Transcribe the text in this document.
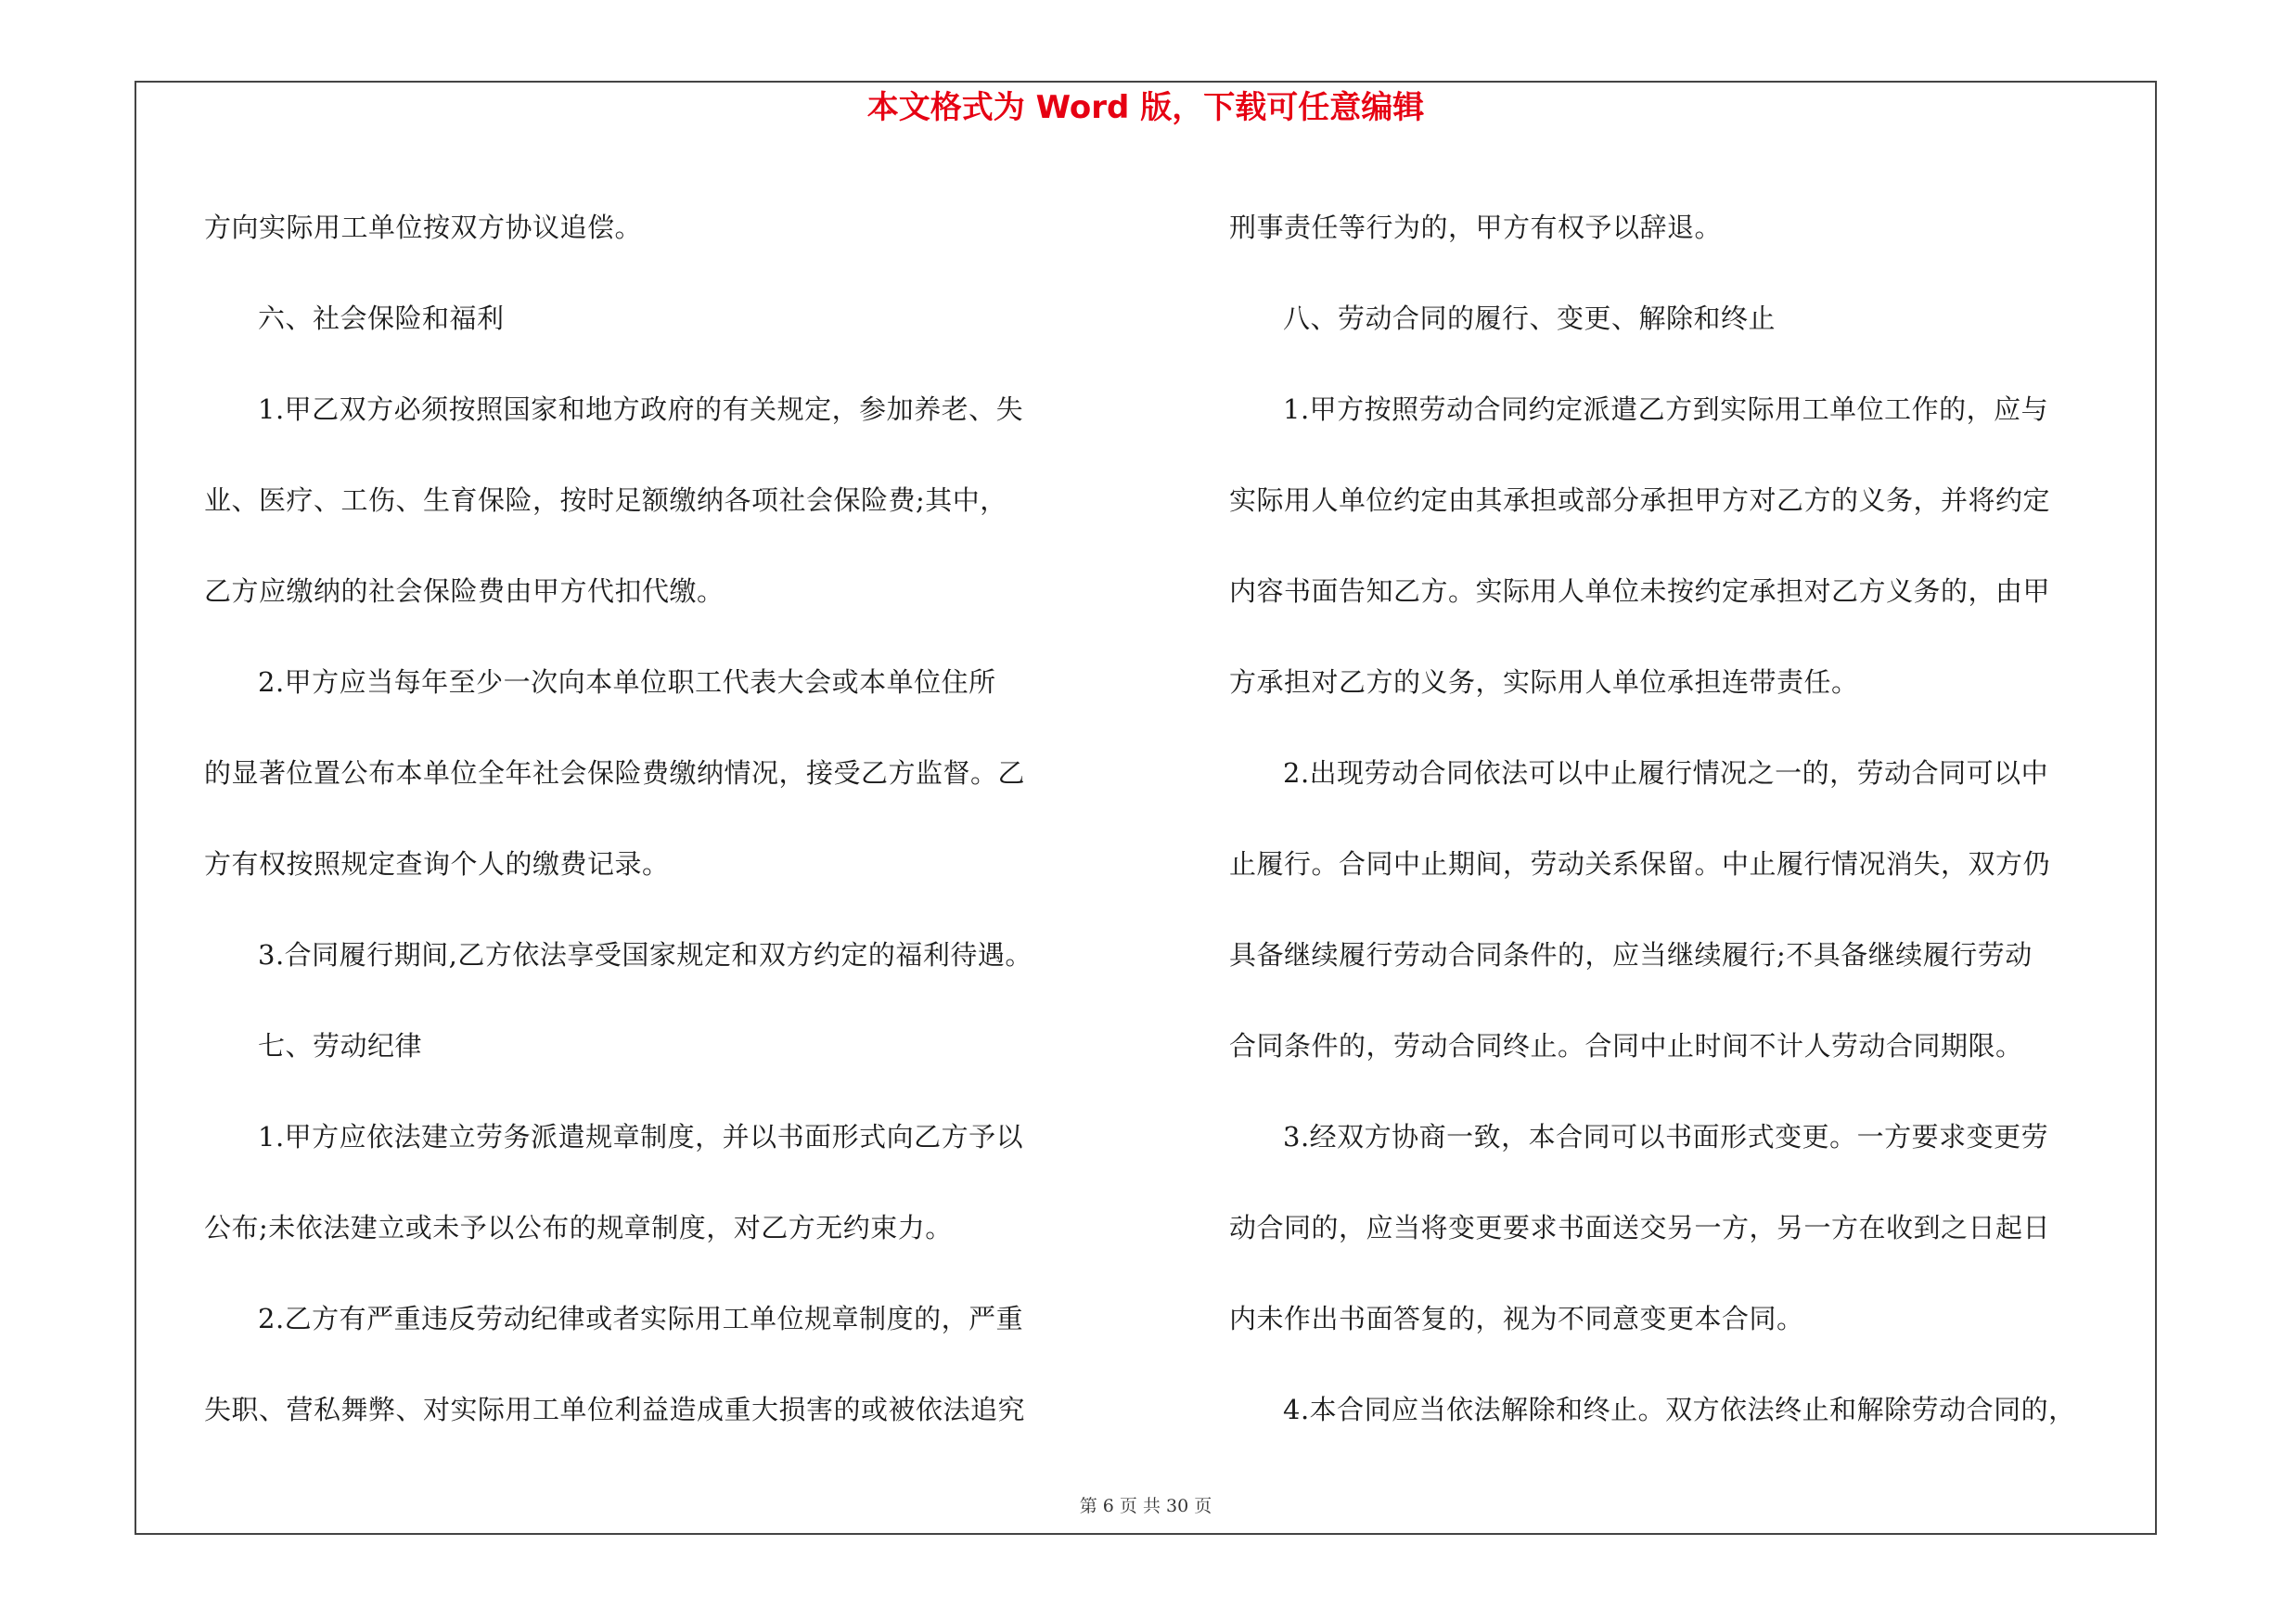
本文格式为 Word 版，下载可任意编辑

方向实际用工单位按双方协议追偿。

六、社会保险和福利

1.甲乙双方必须按照国家和地方政府的有关规定，参加养老、失

业、医疗、工伤、生育保险，按时足额缴纳各项社会保险费;其中，

乙方应缴纳的社会保险费由甲方代扣代缴。

2.甲方应当每年至少一次向本单位职工代表大会或本单位住所

的显著位置公布本单位全年社会保险费缴纳情况，接受乙方监督。乙

方有权按照规定查询个人的缴费记录。

3.合同履行期间,乙方依法享受国家规定和双方约定的福利待遇。

七、劳动纪律

1.甲方应依法建立劳务派遣规章制度，并以书面形式向乙方予以

公布;未依法建立或未予以公布的规章制度，对乙方无约束力。

2.乙方有严重违反劳动纪律或者实际用工单位规章制度的，严重

失职、营私舞弊、对实际用工单位利益造成重大损害的或被依法追究

刑事责任等行为的，甲方有权予以辞退。

八、劳动合同的履行、变更、解除和终止

1.甲方按照劳动合同约定派遣乙方到实际用工单位工作的，应与

实际用人单位约定由其承担或部分承担甲方对乙方的义务，并将约定

内容书面告知乙方。实际用人单位未按约定承担对乙方义务的，由甲

方承担对乙方的义务，实际用人单位承担连带责任。

2.出现劳动合同依法可以中止履行情况之一的，劳动合同可以中

止履行。合同中止期间，劳动关系保留。中止履行情况消失，双方仍

具备继续履行劳动合同条件的，应当继续履行;不具备继续履行劳动

合同条件的，劳动合同终止。合同中止时间不计人劳动合同期限。

3.经双方协商一致，本合同可以书面形式变更。一方要求变更劳

动合同的，应当将变更要求书面送交另一方，另一方在收到之日起日

内未作出书面答复的，视为不同意变更本合同。

4.本合同应当依法解除和终止。双方依法终止和解除劳动合同的，

第 6 页 共 30 页
